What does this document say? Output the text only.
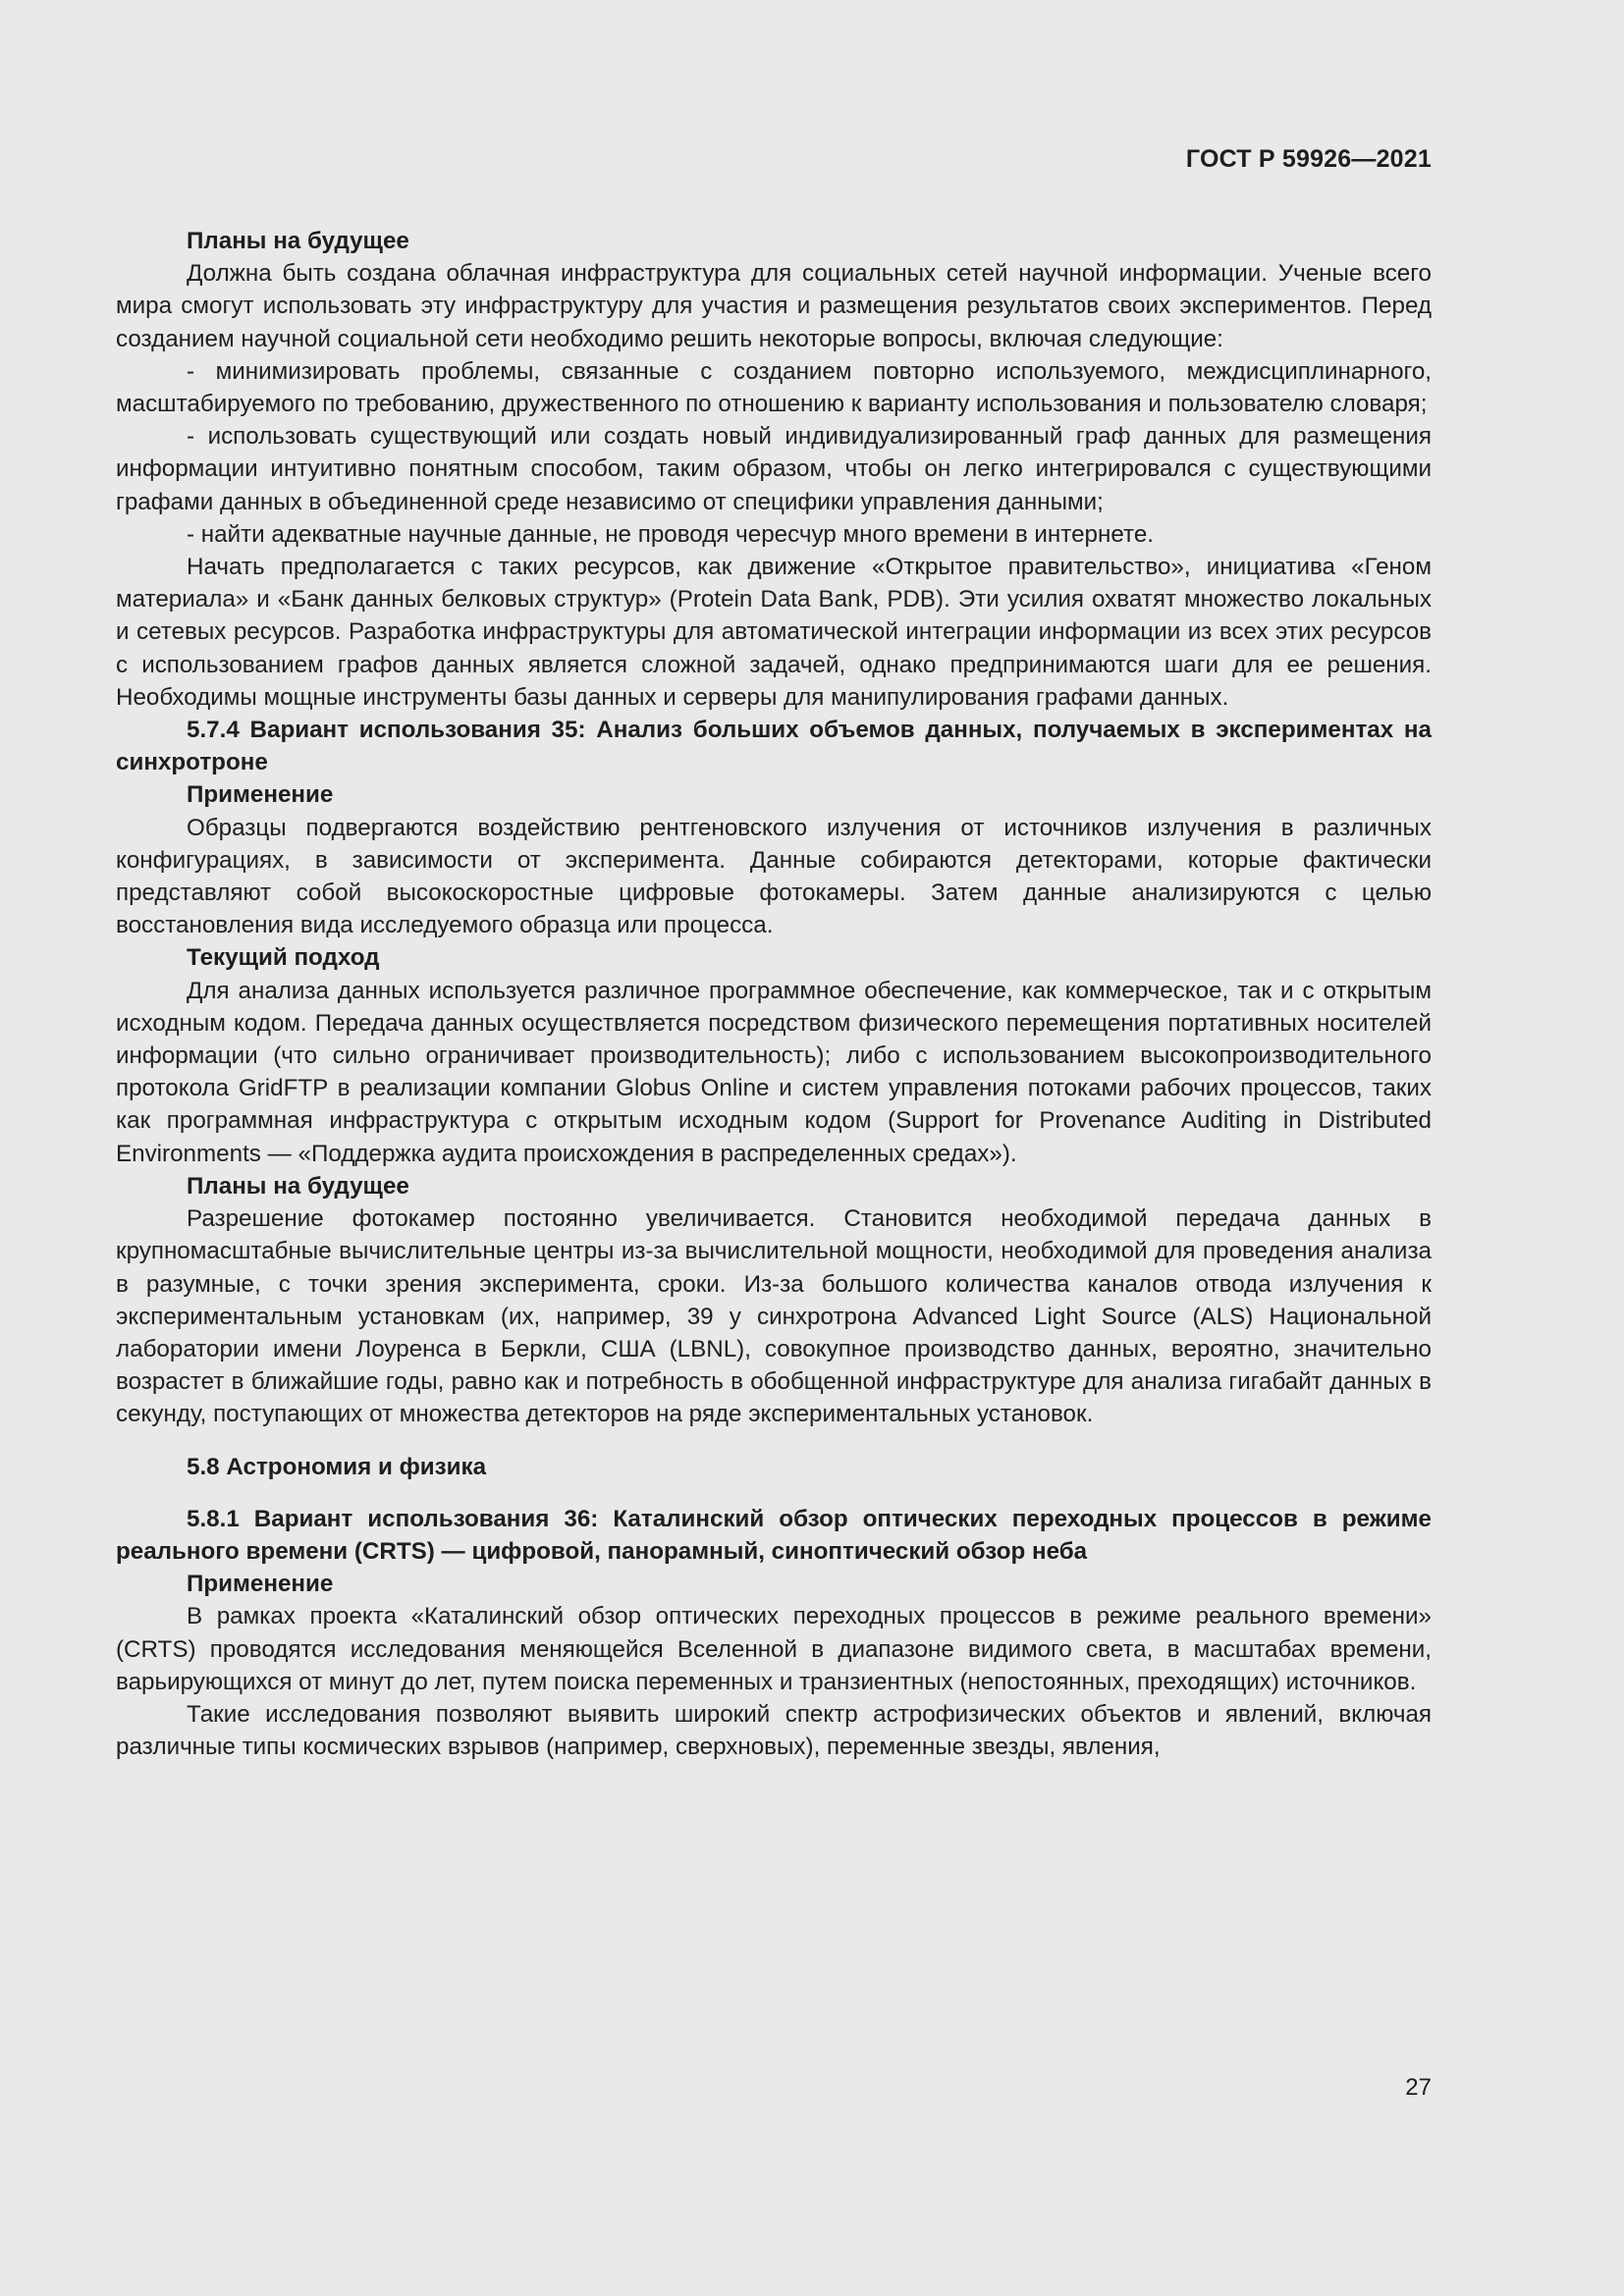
ГОСТ Р 59926—2021

Планы на будущее

Должна быть создана облачная инфраструктура для социальных сетей научной информации. Ученые всего мира смогут использовать эту инфраструктуру для участия и размещения результатов своих экспериментов. Перед созданием научной социальной сети необходимо решить некоторые вопросы, включая следующие:

- минимизировать проблемы, связанные с созданием повторно используемого, междисциплинарного, масштабируемого по требованию, дружественного по отношению к варианту использования и пользователю словаря;

- использовать существующий или создать новый индивидуализированный граф данных для размещения информации интуитивно понятным способом, таким образом, чтобы он легко интегрировался с существующими графами данных в объединенной среде независимо от специфики управления данными;

- найти адекватные научные данные, не проводя чересчур много времени в интернете.

Начать предполагается с таких ресурсов, как движение «Открытое правительство», инициатива «Геном материала» и «Банк данных белковых структур» (Protein Data Bank, PDB). Эти усилия охватят множество локальных и сетевых ресурсов. Разработка инфраструктуры для автоматической интеграции информации из всех этих ресурсов с использованием графов данных является сложной задачей, однако предпринимаются шаги для ее решения. Необходимы мощные инструменты базы данных и серверы для манипулирования графами данных.

5.7.4 Вариант использования 35: Анализ больших объемов данных, получаемых в экспериментах на синхротроне

Применение

Образцы подвергаются воздействию рентгеновского излучения от источников излучения в различных конфигурациях, в зависимости от эксперимента. Данные собираются детекторами, которые фактически представляют собой высокоскоростные цифровые фотокамеры. Затем данные анализируются с целью восстановления вида исследуемого образца или процесса.

Текущий подход

Для анализа данных используется различное программное обеспечение, как коммерческое, так и с открытым исходным кодом. Передача данных осуществляется посредством физического перемещения портативных носителей информации (что сильно ограничивает производительность); либо с использованием высокопроизводительного протокола GridFTP в реализации компании Globus Online и систем управления потоками рабочих процессов, таких как программная инфраструктура с открытым исходным кодом (Support for Provenance Auditing in Distributed Environments — «Поддержка аудита происхождения в распределенных средах»).

Планы на будущее

Разрешение фотокамер постоянно увеличивается. Становится необходимой передача данных в крупномасштабные вычислительные центры из-за вычислительной мощности, необходимой для проведения анализа в разумные, с точки зрения эксперимента, сроки. Из-за большого количества каналов отвода излучения к экспериментальным установкам (их, например, 39 у синхротрона Advanced Light Source (ALS) Национальной лаборатории имени Лоуренса в Беркли, США (LBNL), совокупное производство данных, вероятно, значительно возрастет в ближайшие годы, равно как и потребность в обобщенной инфраструктуре для анализа гигабайт данных в секунду, поступающих от множества детекторов на ряде экспериментальных установок.

5.8 Астрономия и физика

5.8.1 Вариант использования 36: Каталинский обзор оптических переходных процессов в режиме реального времени (CRTS) — цифровой, панорамный, синоптический обзор неба

Применение

В рамках проекта «Каталинский обзор оптических переходных процессов в режиме реального времени» (CRTS) проводятся исследования меняющейся Вселенной в диапазоне видимого света, в масштабах времени, варьирующихся от минут до лет, путем поиска переменных и транзиентных (непостоянных, преходящих) источников.

Такие исследования позволяют выявить широкий спектр астрофизических объектов и явлений, включая различные типы космических взрывов (например, сверхновых), переменные звезды, явления,

27
